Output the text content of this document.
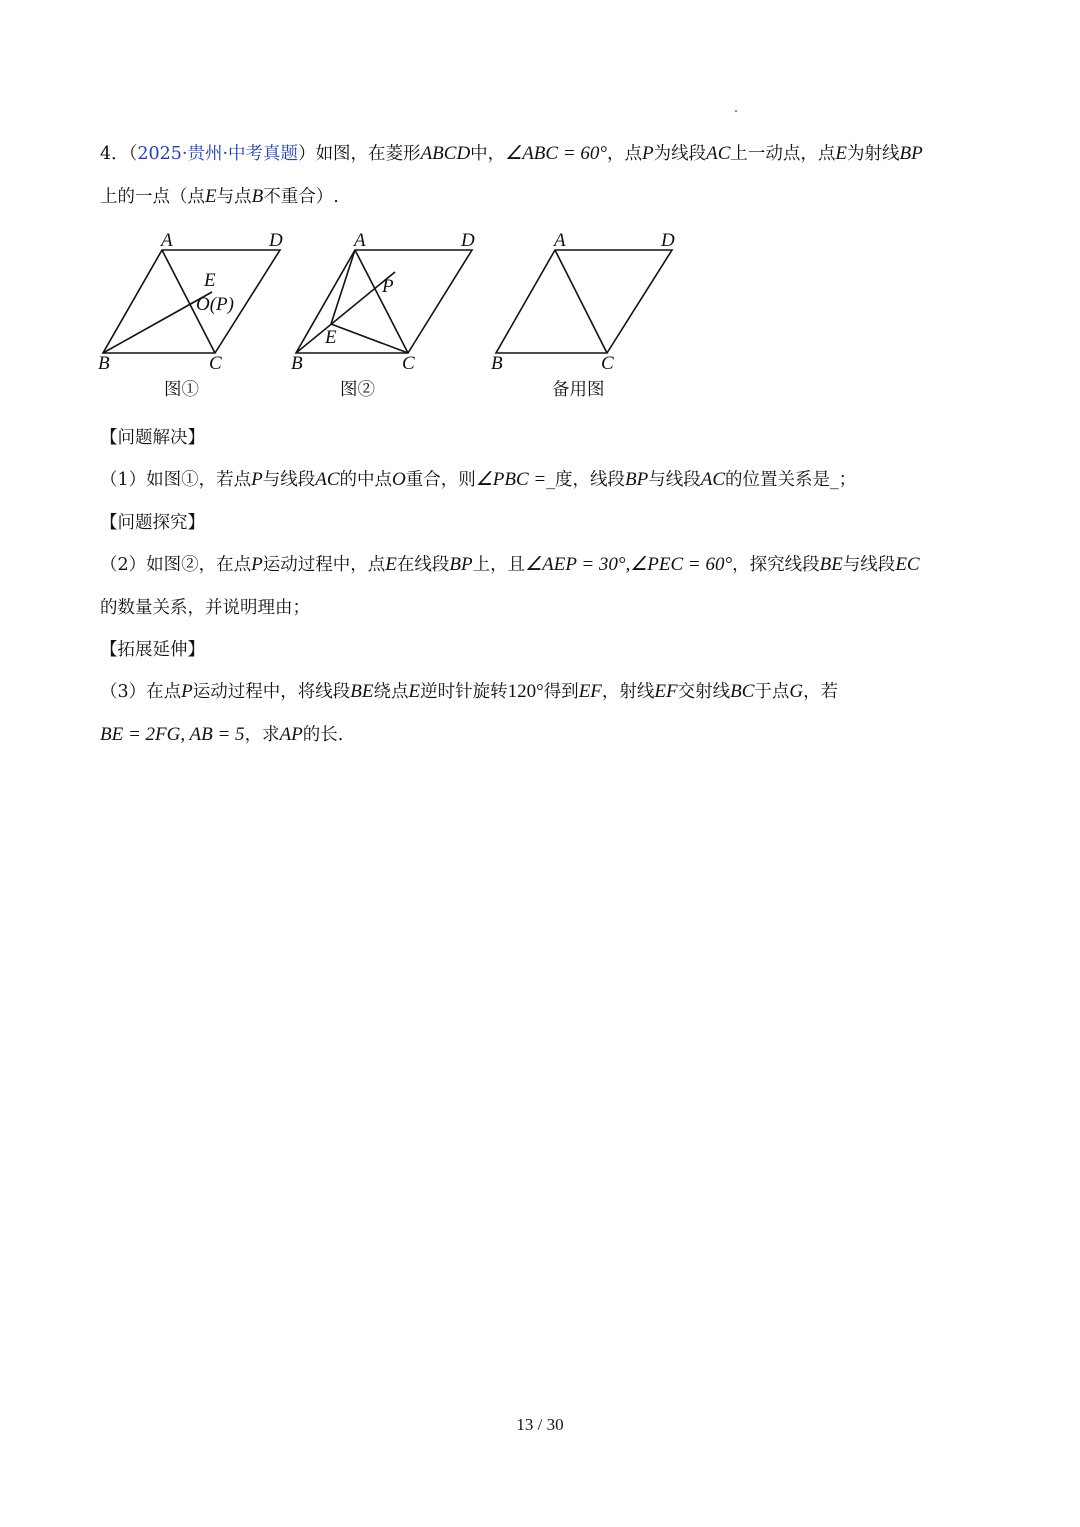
4．（2025·贵州·中考真题）如图，在菱形ABCD中，∠ABC = 60°，点P为线段AC上一动点，点E为射线BP
上的一点（点E与点B不重合）.
A	D
B	C
E
O(P)
A	D
B	C
P
E
A	D
B	C
图①	图②	备用图
【问题解决】
（1）如图①，若点P与线段AC的中点O重合，则∠PBC =_度，线段BP与线段AC的位置关系是_；
【问题探究】
（2）如图②，在点P运动过程中，点E在线段BP上，且∠AEP = 30°,∠PEC = 60°，探究线段BE与线段EC
的数量关系，并说明理由；
【拓展延伸】
（3）在点P运动过程中，将线段BE绕点E逆时针旋转120°得到EF，射线EF交射线BC于点G，若
BE = 2FG, AB = 5，求AP的长.
13 / 30
